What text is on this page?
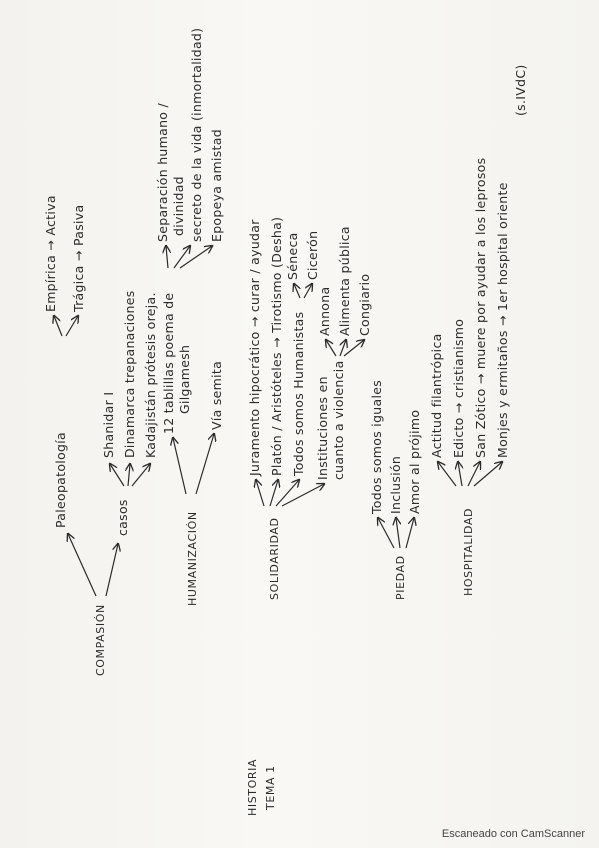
HISTORIA TEMA 1
COMPASIÓN
Paleopatología
Empírica → Activa Trágica → Pasiva
casos
Shanidar I Dinamarca trepanaciones Kadajistán prótesis oreja.
HUMANIZACIÓN
12 tablillas poema de Gilgamesh
Separación humano / divinidad secreto de la vida (inmortalidad) Epopeya amistad
Vía semita
SOLIDARIDAD
Juramento hipocrático → curar / ayudar Platón / Aristóteles → Tirotismo (Desha) Todos somos Humanistas
Séneca Cicerón
Instituciones en cuanto a violencia
Annona Alimenta pública Congiario
PIEDAD
Todos somos iguales Inclusión Amor al prójimo
HOSPITALIDAD
Actitud filantrópica Edicto → cristianismo San Zótico → muere por ayudar a los leprosos Monjes y ermitaños → 1er hospital oriente
(s.IVdC)
Escaneado con CamScanner
